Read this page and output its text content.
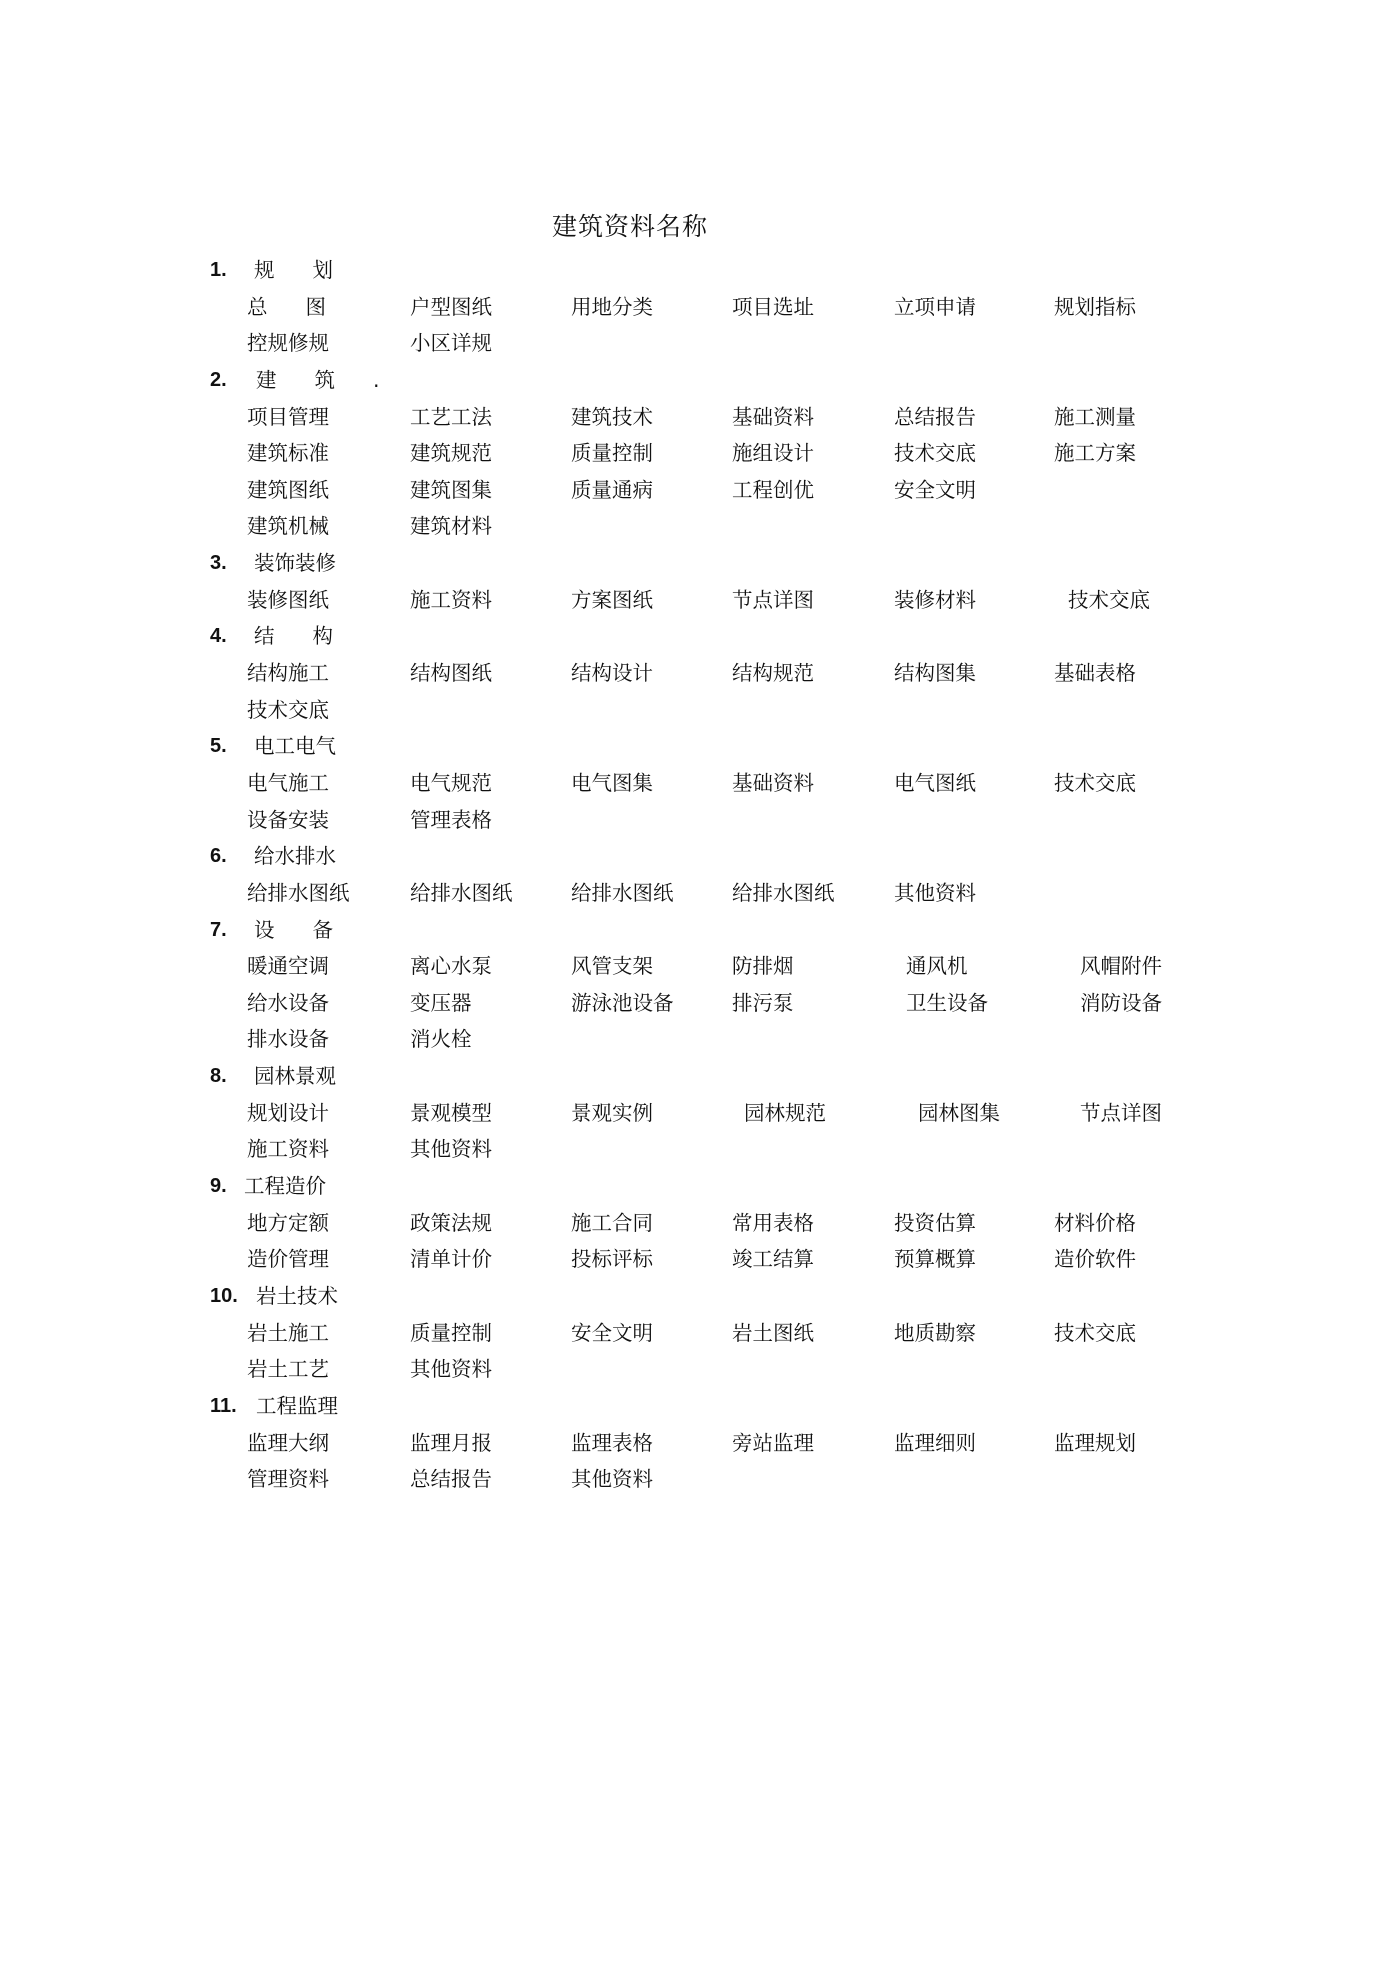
建筑资料名称
1. 规划
总图 户型图纸	用地分类	项目选址	立项申请	规划指标
控规修规	小区详规
2. 建筑.
项目管理	工艺工法	建筑技术	基础资料	总结报告	施工测量
建筑标准	建筑规范	质量控制	施组设计	技术交底	施工方案
建筑图纸	建筑图集	质量通病	工程创优	安全文明
建筑机械	建筑材料
3. 装饰装修
装修图纸	施工资料	方案图纸	节点详图	装修材料	技术交底
4. 结构
结构施工	结构图纸	结构设计	结构规范	结构图集	基础表格
技术交底
5. 电工电气
电气施工	电气规范	电气图集	基础资料	电气图纸	技术交底
设备安装	管理表格
6. 给水排水
给排水图纸	给排水图纸	给排水图纸	给排水图纸	其他资料
7. 设备
暖通空调	离心水泵	风管支架	防排烟	通风机	风帽附件
给水设备	变压器	游泳池设备	排污泵	卫生设备	消防设备
排水设备	消火栓
8. 园林景观
规划设计	景观模型	景观实例	园林规范	园林图集	节点详图
施工资料	其他资料
9. 工程造价
地方定额	政策法规	施工合同	常用表格	投资估算	材料价格
造价管理	清单计价	投标评标	竣工结算	预算概算	造价软件
10. 岩土技术
岩土施工	质量控制	安全文明	岩土图纸	地质勘察	技术交底
岩土工艺	其他资料
11. 工程监理
监理大纲	监理月报	监理表格	旁站监理	监理细则	监理规划
管理资料	总结报告	其他资料
